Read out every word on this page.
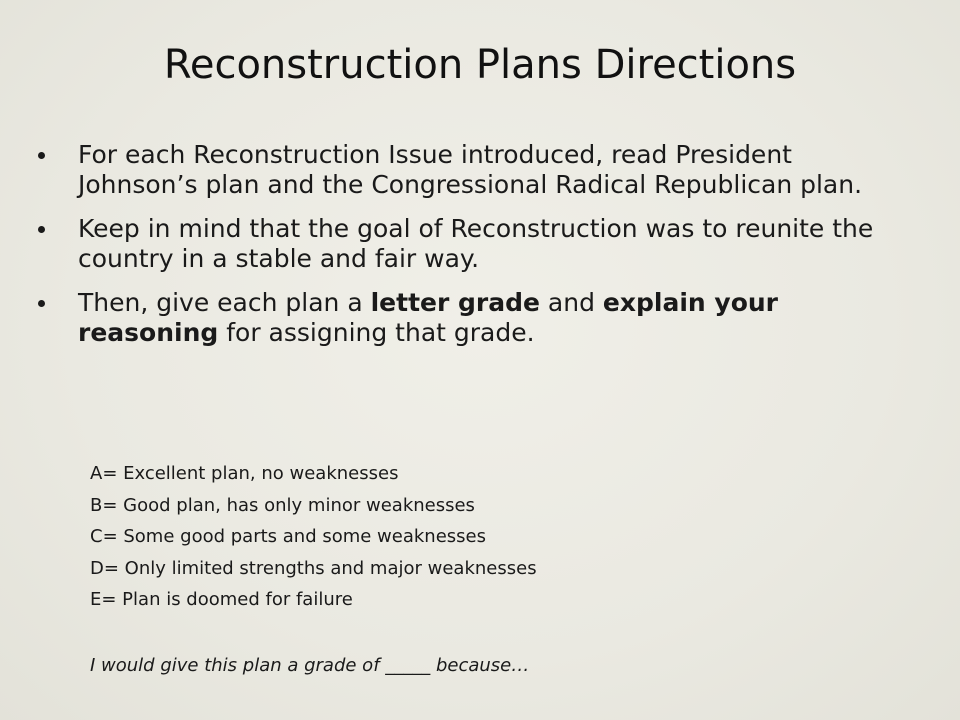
Reconstruction Plans Directions
For each Reconstruction Issue introduced, read President Johnson’s plan and the Congressional Radical Republican plan.
Keep in mind that the goal of Reconstruction was to reunite the country in a stable and fair way.
Then, give each plan a letter grade and explain your reasoning for assigning that grade.
A= Excellent plan, no weaknesses
B= Good plan, has only minor weaknesses
C= Some good parts and some weaknesses
D= Only limited strengths and major weaknesses
E= Plan is doomed for failure
I would give this plan a grade of _____ because…
